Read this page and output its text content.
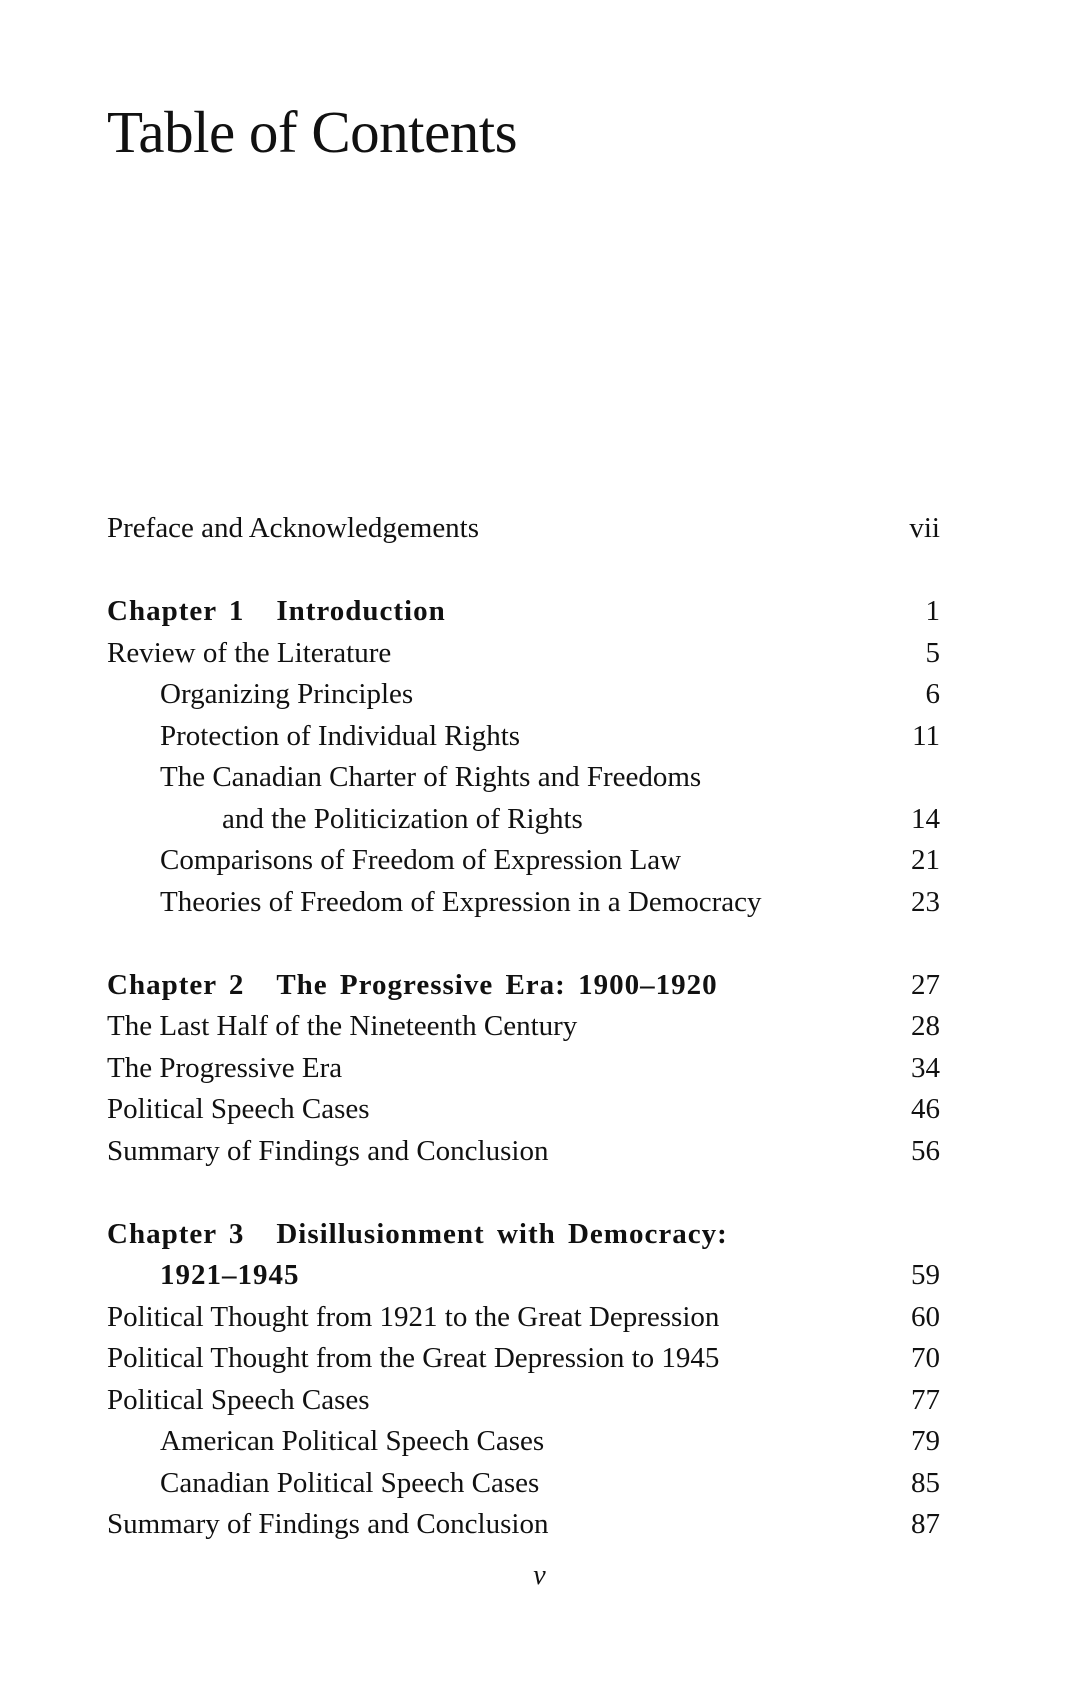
Table of Contents
Preface and Acknowledgements	vii
Chapter 1 Introduction	1
Review of the Literature	5
Organizing Principles	6
Protection of Individual Rights	11
The Canadian Charter of Rights and Freedoms
and the Politicization of Rights	14
Comparisons of Freedom of Expression Law	21
Theories of Freedom of Expression in a Democracy	23
Chapter 2 The Progressive Era: 1900–1920	27
The Last Half of the Nineteenth Century	28
The Progressive Era	34
Political Speech Cases	46
Summary of Findings and Conclusion	56
Chapter 3 Disillusionment with Democracy:
1921–1945	59
Political Thought from 1921 to the Great Depression	60
Political Thought from the Great Depression to 1945	70
Political Speech Cases	77
American Political Speech Cases	79
Canadian Political Speech Cases	85
Summary of Findings and Conclusion	87
v
